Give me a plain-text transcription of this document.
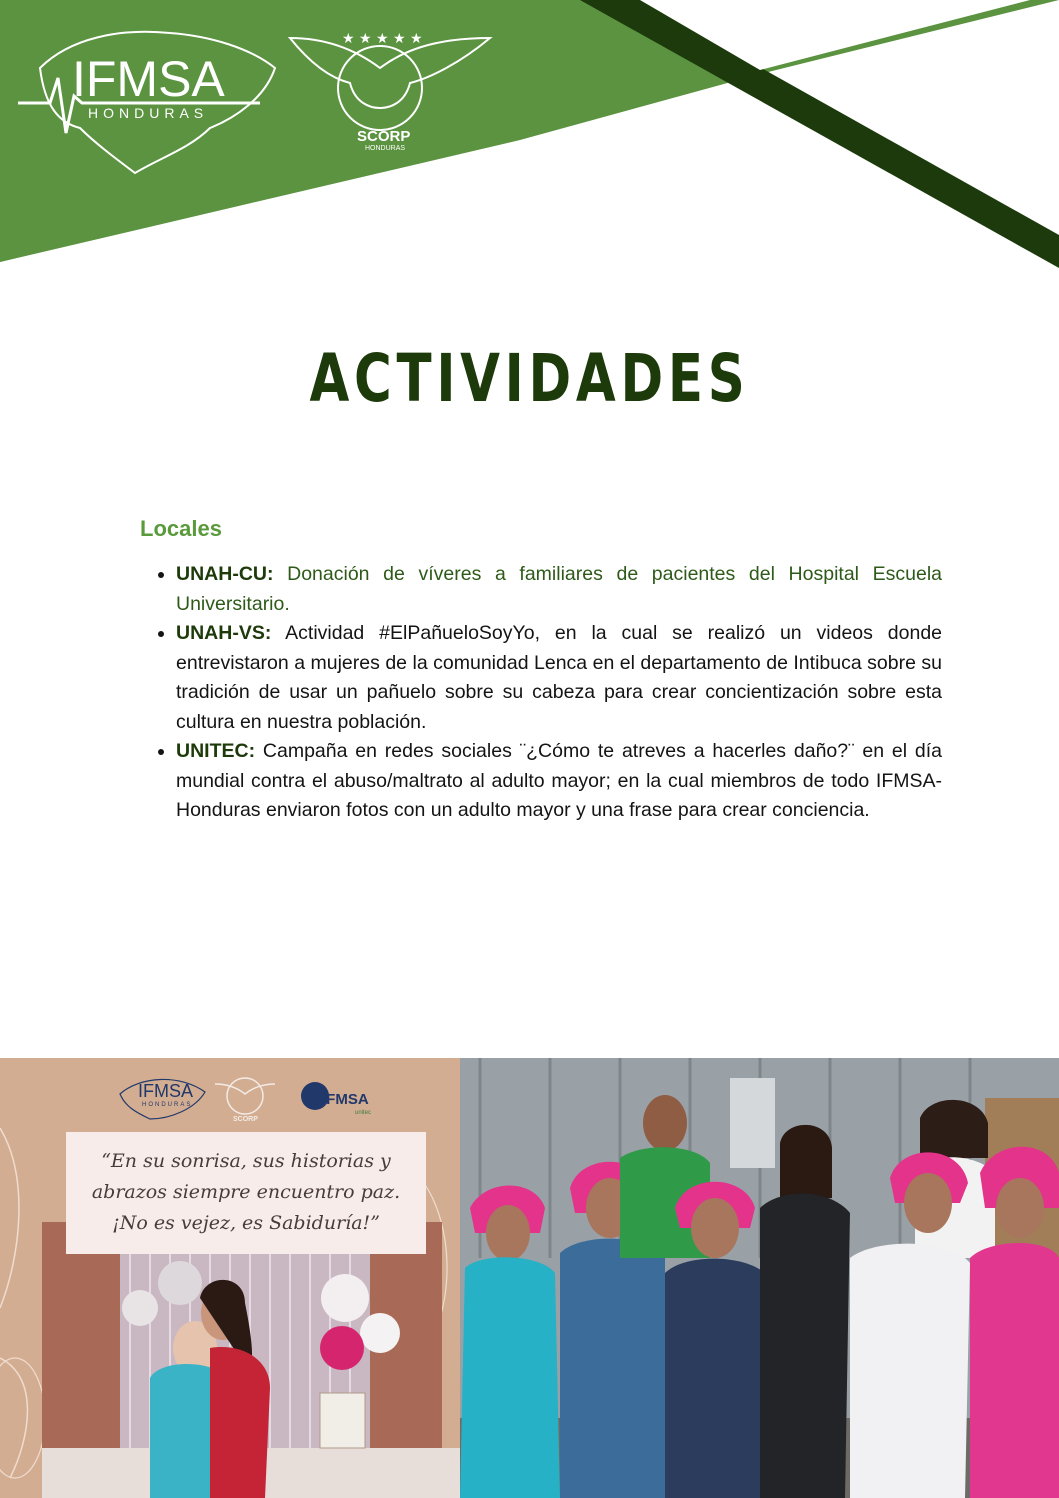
IFMSA
HONDURAS
★ ★ ★ ★ ★
SCORP
HONDURAS
ACTIVIDADES
Locales
• UNAH-CU: Donación de víveres a familiares de pacientes del Hospital Escuela Universitario.
• UNAH-VS: Actividad #ElPañueloSoyYo, en la cual se realizó un videos donde entrevistaron a mujeres de la comunidad Lenca en el departamento de Intibuca sobre su tradición de usar un pañuelo sobre su cabeza para crear concientización sobre esta cultura en nuestra población.
• UNITEC: Campaña en redes sociales ¨¿Cómo te atreves a hacerles daño?¨ en el día mundial contra el abuso/maltrato al adulto mayor; en la cual miembros de todo IFMSA-Honduras enviaron fotos con un adulto mayor y una frase para crear conciencia.
IFMSA
HONDURAS
SCORP
IFMSA
unitec
“En su sonrisa, sus historias y
abrazos siempre encuentro paz.
¡No es vejez, es Sabiduría!”
